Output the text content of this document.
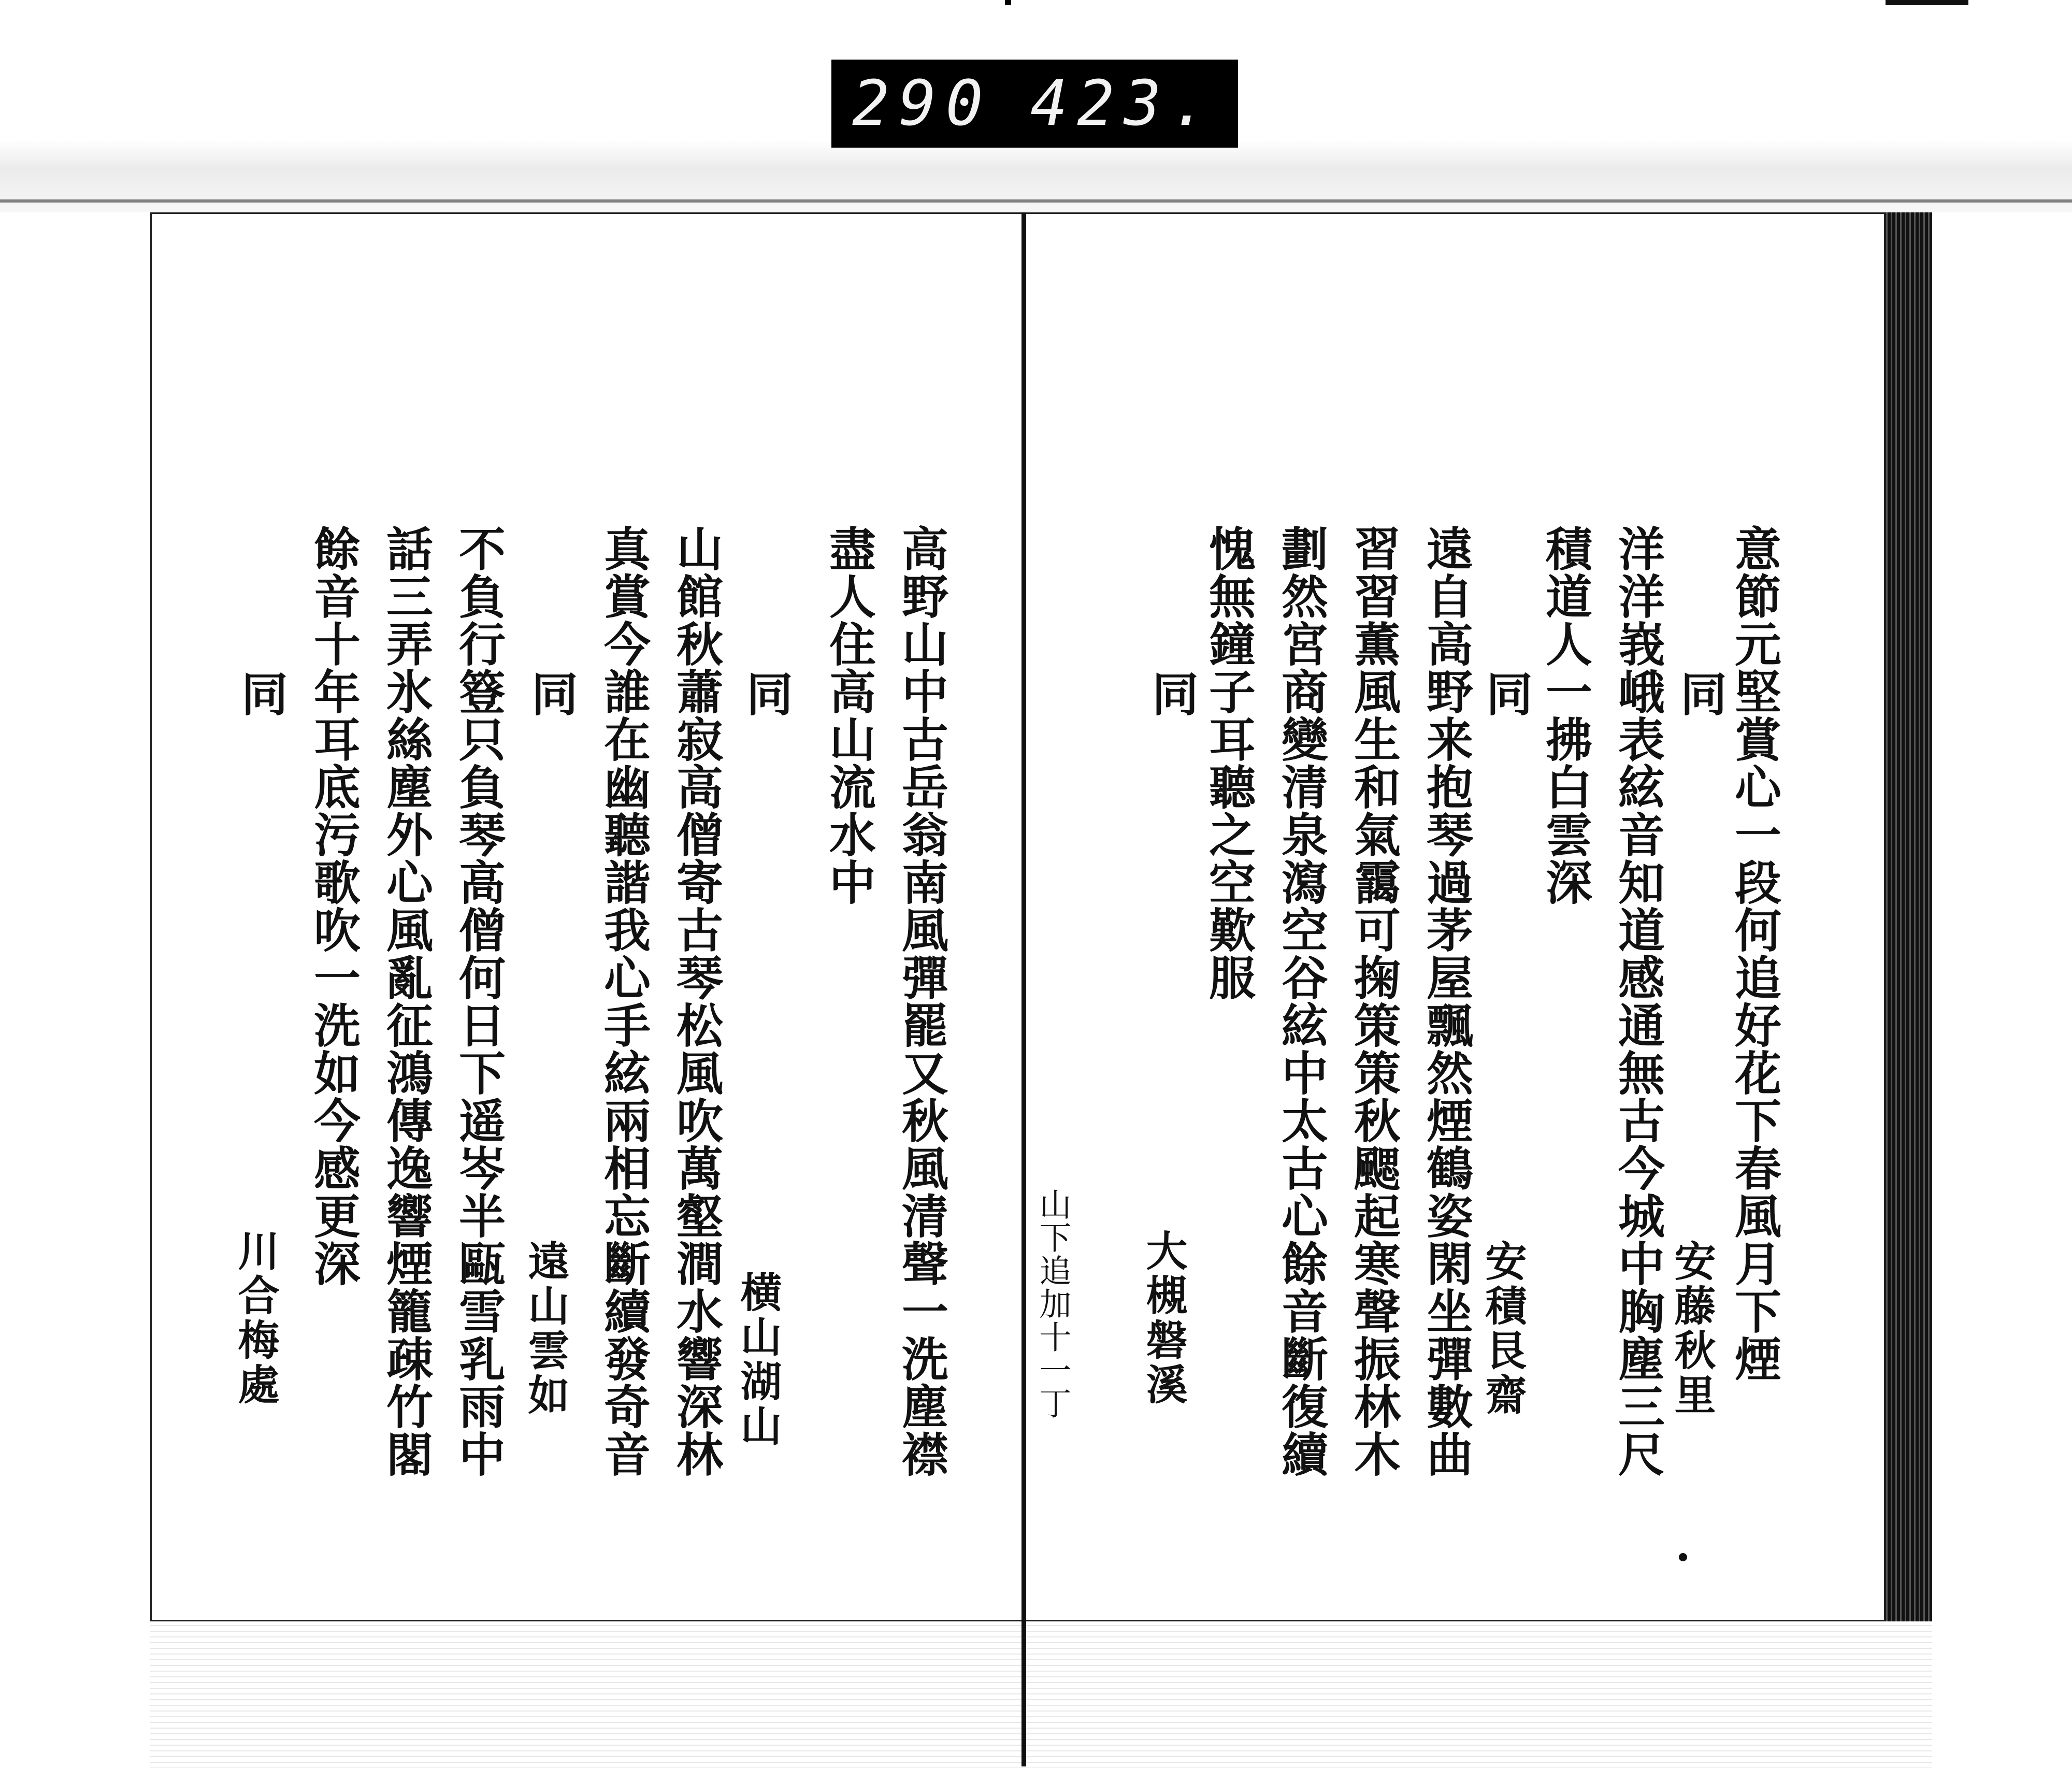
290 423.
高野山中古岳翁南風彈罷又秋風清聲一洗塵襟
盡人住高山流水中
同
横山湖山
山館秋蕭寂高僧寄古琴松風吹萬壑澗水響深林
真賞今誰在幽聽諧我心手絃兩相忘斷續發奇音
同
遠山雲如
不負行簦只負琴高僧何日下遥岑半甌雪乳雨中
話三弄氷絲塵外心風亂征鴻傳逸響煙籠疎竹閣
餘音十年耳底污歌吹一洗如今感更深
同
川合梅處	意節元堅賞心一段何追好花下春風月下煙
同
安藤秋里
洋洋峩峨表絃音知道感通無古今城中胸塵三尺
積道人一拂白雲深
同
安積艮齋
遠自高野来抱琴過茅屋飄然煙鶴姿閑坐彈數曲
習習薫風生和氣靄可掬策策秋颸起寒聲振林木
劃然宮商變清泉瀉空谷絃中太古心餘音斷復續
愧無鐘子耳聽之空歎服
同
大槻磐溪
山下追加十一丁
